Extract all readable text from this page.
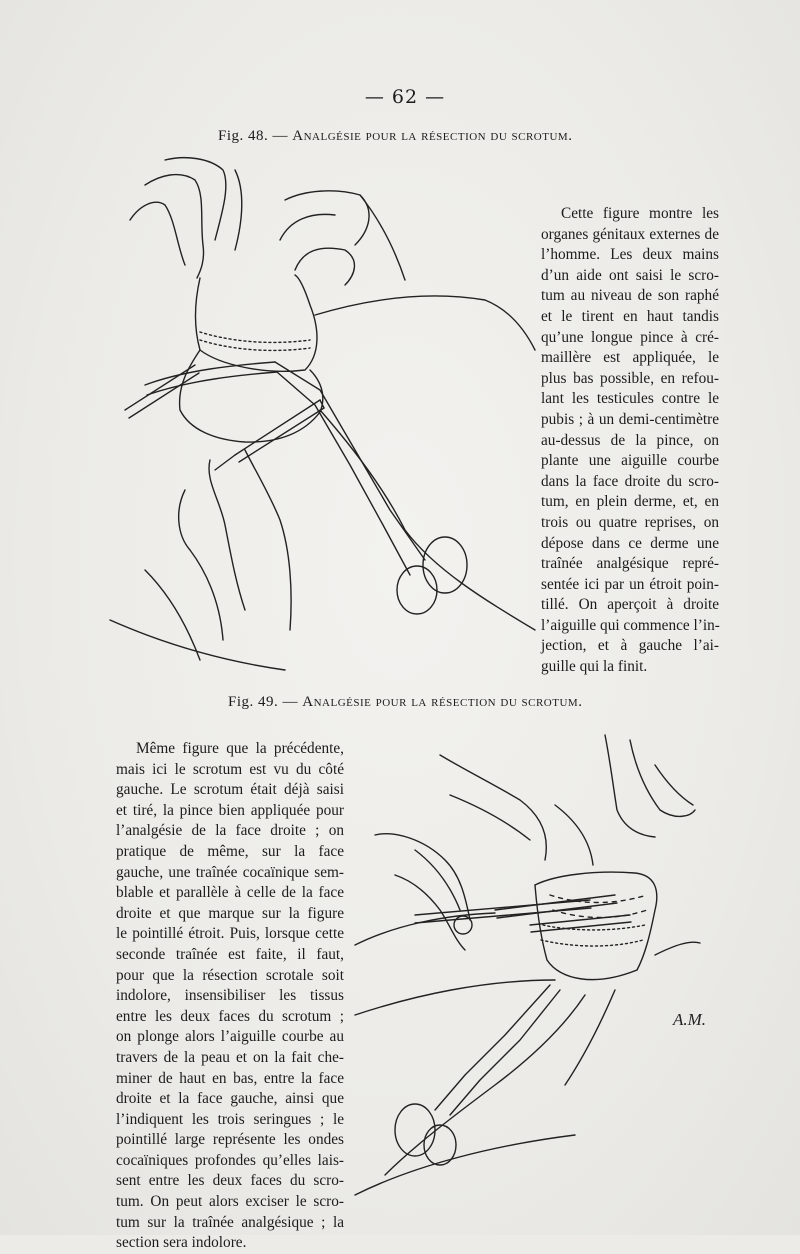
— 62 —
Fig. 48. — Analgésie pour la résection du scrotum.
Cette figure montre les
organes génitaux externes de
l’homme. Les deux mains
d’un aide ont saisi le scro-
tum au niveau de son raphé
et le tirent en haut tandis
qu’une longue pince à cré-
maillère est appliquée, le
plus bas possible, en refou-
lant les testicules contre le
pubis ; à un demi-centimètre
au-dessus de la pince, on
plante une aiguille courbe
dans la face droite du scro-
tum, en plein derme, et, en
trois ou quatre reprises, on
dépose dans ce derme une
traînée analgésique repré-
sentée ici par un étroit poin-
tillé. On aperçoit à droite
l’aiguille qui commence l’in-
jection, et à gauche l’ai-
guille qui la finit.
Fig. 49. — Analgésie pour la résection du scrotum.
Même figure que la précédente,
mais ici le scrotum est vu du côté
gauche. Le scrotum était déjà saisi
et tiré, la pince bien appliquée pour
l’analgésie de la face droite ; on
pratique de même, sur la face
gauche, une traînée cocaïnique sem-
blable et parallèle à celle de la face
droite et que marque sur la figure
le pointillé étroit. Puis, lorsque cette
seconde traînée est faite, il faut,
pour que la résection scrotale soit
indolore, insensibiliser les tissus
entre les deux faces du scrotum ;
on plonge alors l’aiguille courbe au
travers de la peau et on la fait che-
miner de haut en bas, entre la face
droite et la face gauche, ainsi que
l’indiquent les trois seringues ; le
pointillé large représente les ondes
cocaïniques profondes qu’elles lais-
sent entre les deux faces du scro-
tum. On peut alors exciser le scro-
tum sur la traînée analgésique ; la
section sera indolore.
A.M.
